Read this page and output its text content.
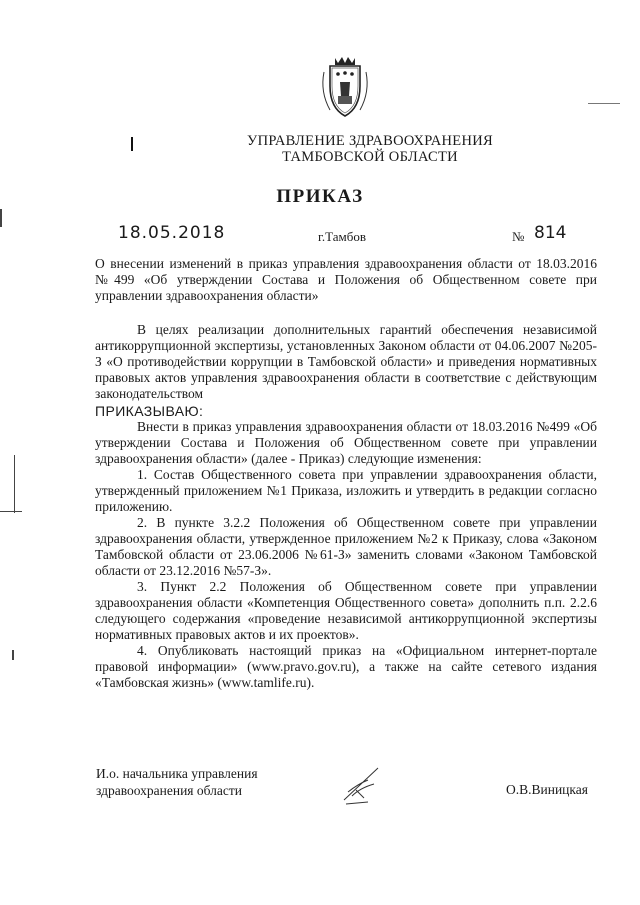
УПРАВЛЕНИЕ ЗДРАВООХРАНЕНИЯ
ТАМБОВСКОЙ ОБЛАСТИ
ПРИКАЗ
18.05.2018	г.Тамбов	№ 814
О внесении изменений в приказ управления здравоохранения области от 18.03.2016 №499 «Об утверждении Состава и Положения об Общественном совете при управлении здравоохранения области»

В целях реализации дополнительных гарантий обеспечения независимой антикоррупционной экспертизы, установленных Законом области от 04.06.2007 №205-З «О противодействии коррупции в Тамбовской области» и приведения нормативных правовых актов управления здравоохранения области в соответствие с действующим законодательством

ПРИКАЗЫВАЮ:

Внести в приказ управления здравоохранения области от 18.03.2016 №499 «Об утверждении Состава и Положения об Общественном совете при управлении здравоохранения области» (далее - Приказ) следующие изменения:

1. Состав Общественного совета при управлении здравоохранения области, утвержденный приложением №1 Приказа, изложить и утвердить в редакции согласно приложению.

2. В пункте 3.2.2 Положения об Общественном совете при управлении здравоохранения области, утвержденное приложением №2 к Приказу, слова «Законом Тамбовской области от 23.06.2006 №61-З» заменить словами «Законом Тамбовской области от 23.12.2016 №57-З».

3. Пункт 2.2 Положения об Общественном совете при управлении здравоохранения области «Компетенция Общественного совета» дополнить п.п. 2.2.6 следующего содержания «проведение независимой антикоррупционной экспертизы нормативных правовых актов и их проектов».

4. Опубликовать настоящий приказ на «Официальном интернет-портале правовой информации» (www.pravo.gov.ru), а также на сайте сетевого издания «Тамбовская жизнь» (www.tamlife.ru).

И.о. начальника управления
здравоохранения области	О.В.Виницкая
